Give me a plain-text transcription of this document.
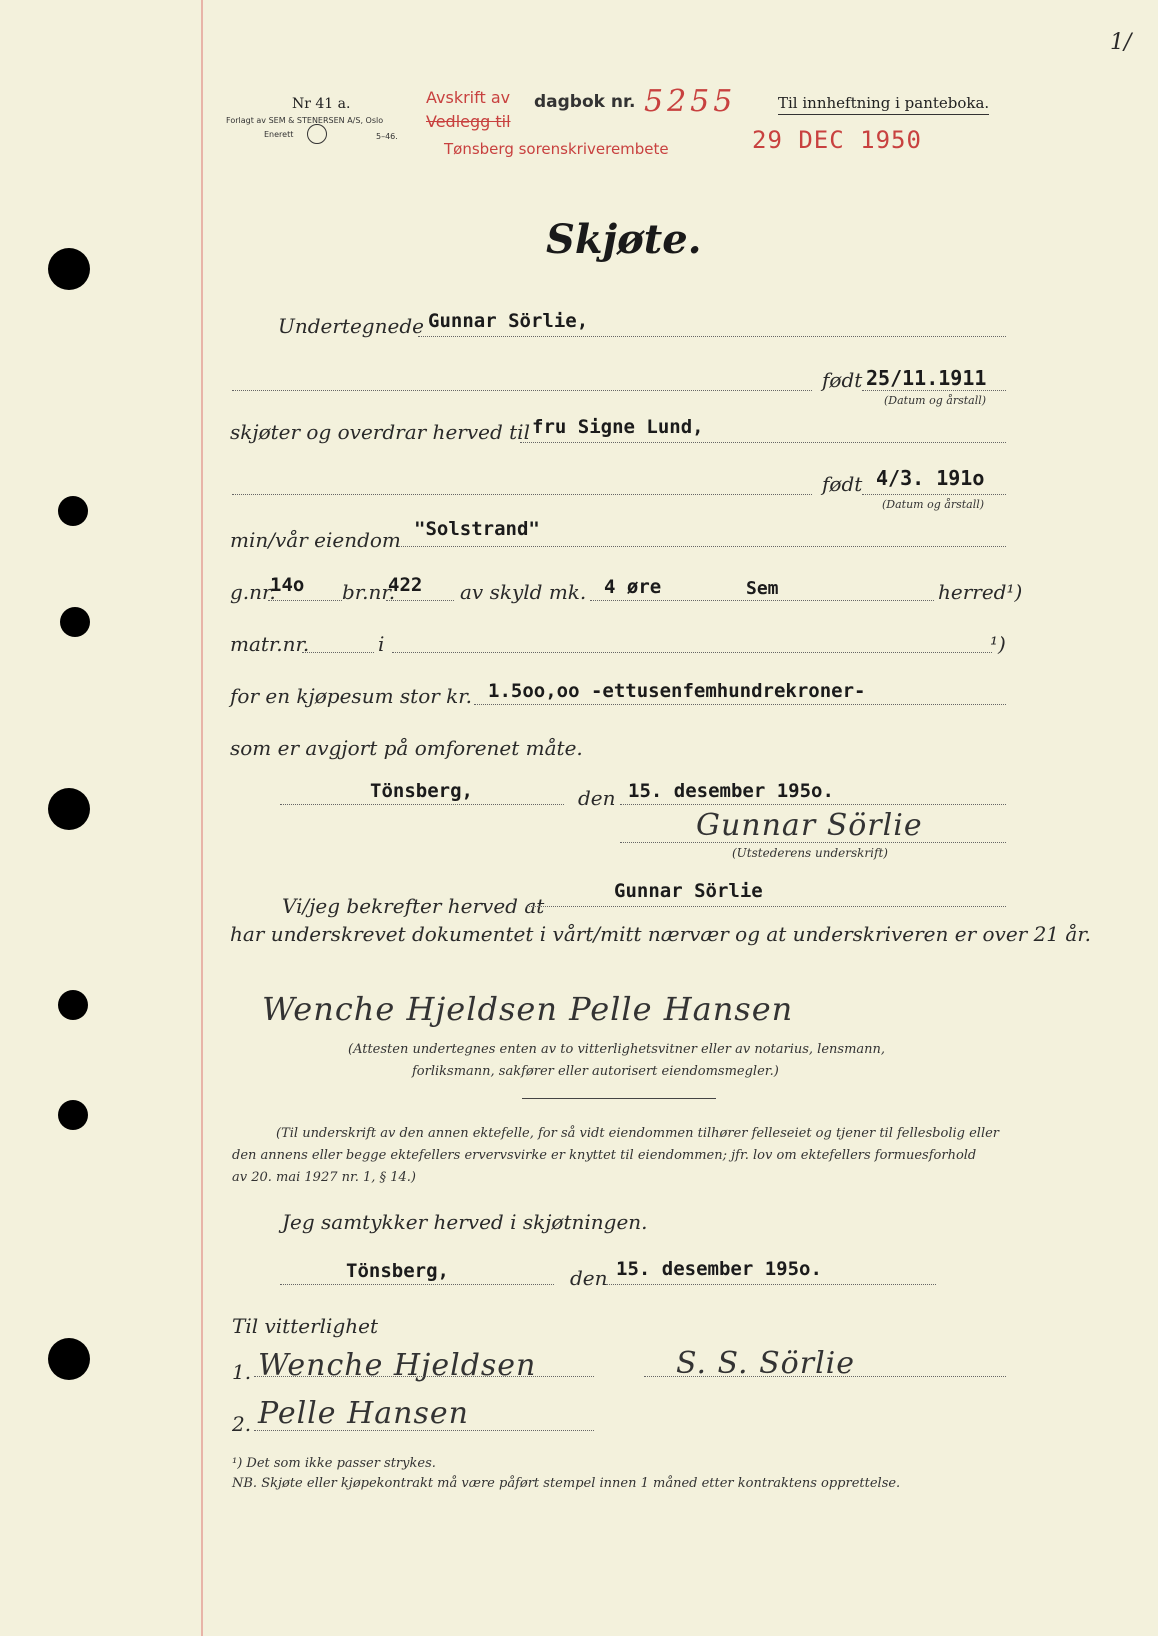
1/
Nr 41 a.
Forlagt av SEM & STENERSEN A/S, Oslo
Enerett	5–46.
Avskrift av dagbok nr.
Vedlegg til
Tønsberg sorenskriverembete
5255
29 DEC 1950
Til innheftning i panteboka.
Skjøte.
Undertegnede Gunnar Sörlie,
født 25/11.1911
(Datum og årstall)
skjøter og overdrar herved til fru Signe Lund,
født 4/3. 191o
(Datum og årstall)
min/vår eiendom "Solstrand"
g.nr.
14o br.nr.
422 av skyld mk. 4 øre	Sem	herred¹)
matr.nr.	i	¹)
for en kjøpesum stor kr. 1.5oo,oo -ettusenfemhundrekroner-
som er avgjort på omforenet måte.
Tönsberg,	den 15. desember 195o.
Gunnar Sörlie
(Utstederens underskrift)
Vi/jeg bekrefter herved at
Gunnar Sörlie
har underskrevet dokumentet i vårt/mitt nærvær og at underskriveren er over 21 år.
Wenche Hjeldsen Pelle Hansen
(Attesten undertegnes enten av to vitterlighetsvitner eller av notarius, lensmann,
forliksmann, sakfører eller autorisert eiendomsmegler.)
(Til underskrift av den annen ektefelle, for så vidt eiendommen tilhører felleseiet og tjener til fellesbolig eller
den annens eller begge ektefellers ervervsvirke er knyttet til eiendommen; jfr. lov om ektefellers formuesforhold
av 20. mai 1927 nr. 1, § 14.)
Jeg samtykker herved i skjøtningen.
Tönsberg,	den 15. desember 195o.
Til vitterlighet
1. Wenche Hjeldsen	S. S. Sörlie
2. Pelle Hansen
¹) Det som ikke passer strykes.
NB. Skjøte eller kjøpekontrakt må være påført stempel innen 1 måned etter kontraktens opprettelse.
